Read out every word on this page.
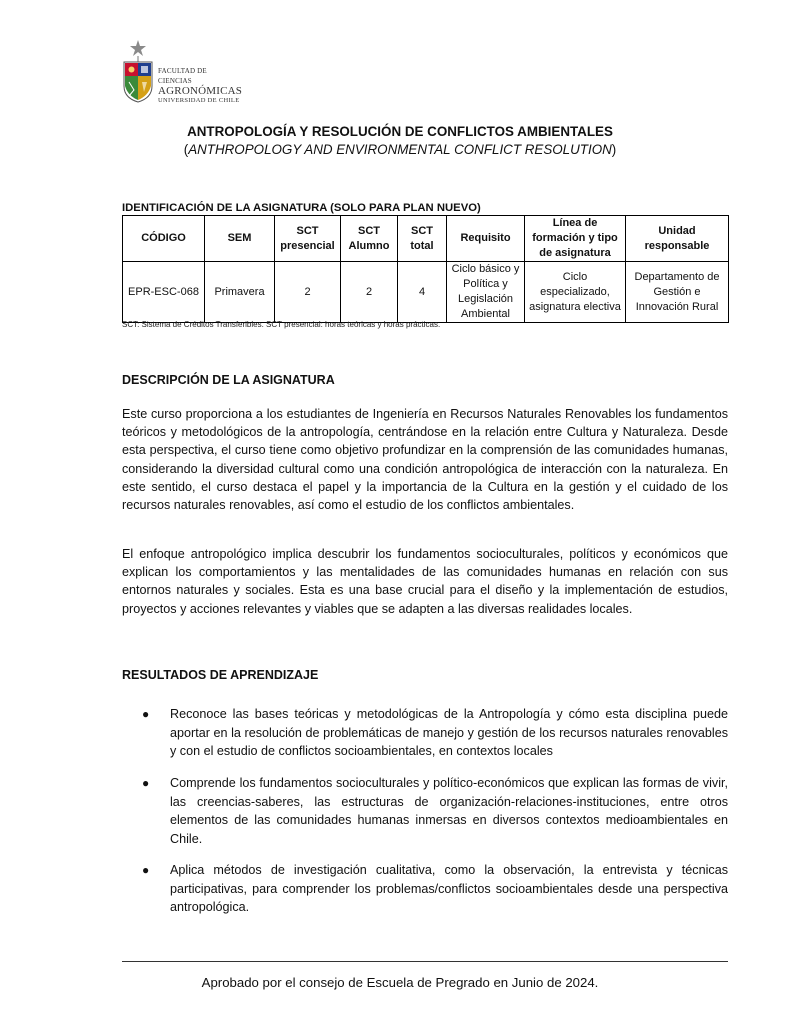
FACULTAD DE CIENCIAS
AGRONÓMICAS
UNIVERSIDAD DE CHILE
ANTROPOLOGÍA Y RESOLUCIÓN DE CONFLICTOS AMBIENTALES
(ANTHROPOLOGY AND ENVIRONMENTAL CONFLICT RESOLUTION)
IDENTIFICACIÓN DE LA ASIGNATURA (SOLO PARA PLAN NUEVO)
CÓDIGO	SEM	SCT presencial	SCT Alumno	SCT total	Requisito	Línea de formación y tipo de asignatura	Unidad responsable
EPR-ESC-068	Primavera	2	2	4	Ciclo básico y Política y Legislación Ambiental	Ciclo especializado, asignatura electiva	Departamento de Gestión e Innovación Rural
SCT: Sistema de Créditos Transferibles. SCT presencial: horas teóricas y horas prácticas.
DESCRIPCIÓN DE LA ASIGNATURA
Este curso proporciona a los estudiantes de Ingeniería en Recursos Naturales Renovables los fundamentos teóricos y metodológicos de la antropología, centrándose en la relación entre Cultura y Naturaleza. Desde esta perspectiva, el curso tiene como objetivo profundizar en la comprensión de las comunidades humanas, considerando la diversidad cultural como una condición antropológica de interacción con la naturaleza. En este sentido, el curso destaca el papel y la importancia de la Cultura en la gestión y el cuidado de los recursos naturales renovables, así como el estudio de los conflictos ambientales.
El enfoque antropológico implica descubrir los fundamentos socioculturales, políticos y económicos que explican los comportamientos y las mentalidades de las comunidades humanas en relación con sus entornos naturales y sociales. Esta es una base crucial para el diseño y la implementación de estudios, proyectos y acciones relevantes y viables que se adapten a las diversas realidades locales.
RESULTADOS DE APRENDIZAJE
● Reconoce las bases teóricas y metodológicas de la Antropología y cómo esta disciplina puede aportar en la resolución de problemáticas de manejo y gestión de los recursos naturales renovables y con el estudio de conflictos socioambientales, en contextos locales
● Comprende los fundamentos socioculturales y político-económicos que explican las formas de vivir, las creencias-saberes, las estructuras de organización-relaciones-instituciones, entre otros elementos de las comunidades humanas inmersas en diversos contextos medioambientales en Chile.
● Aplica métodos de investigación cualitativa, como la observación, la entrevista y técnicas participativas, para comprender los problemas/conflictos socioambientales desde una perspectiva antropológica.
Aprobado por el consejo de Escuela de Pregrado en Junio de 2024.
